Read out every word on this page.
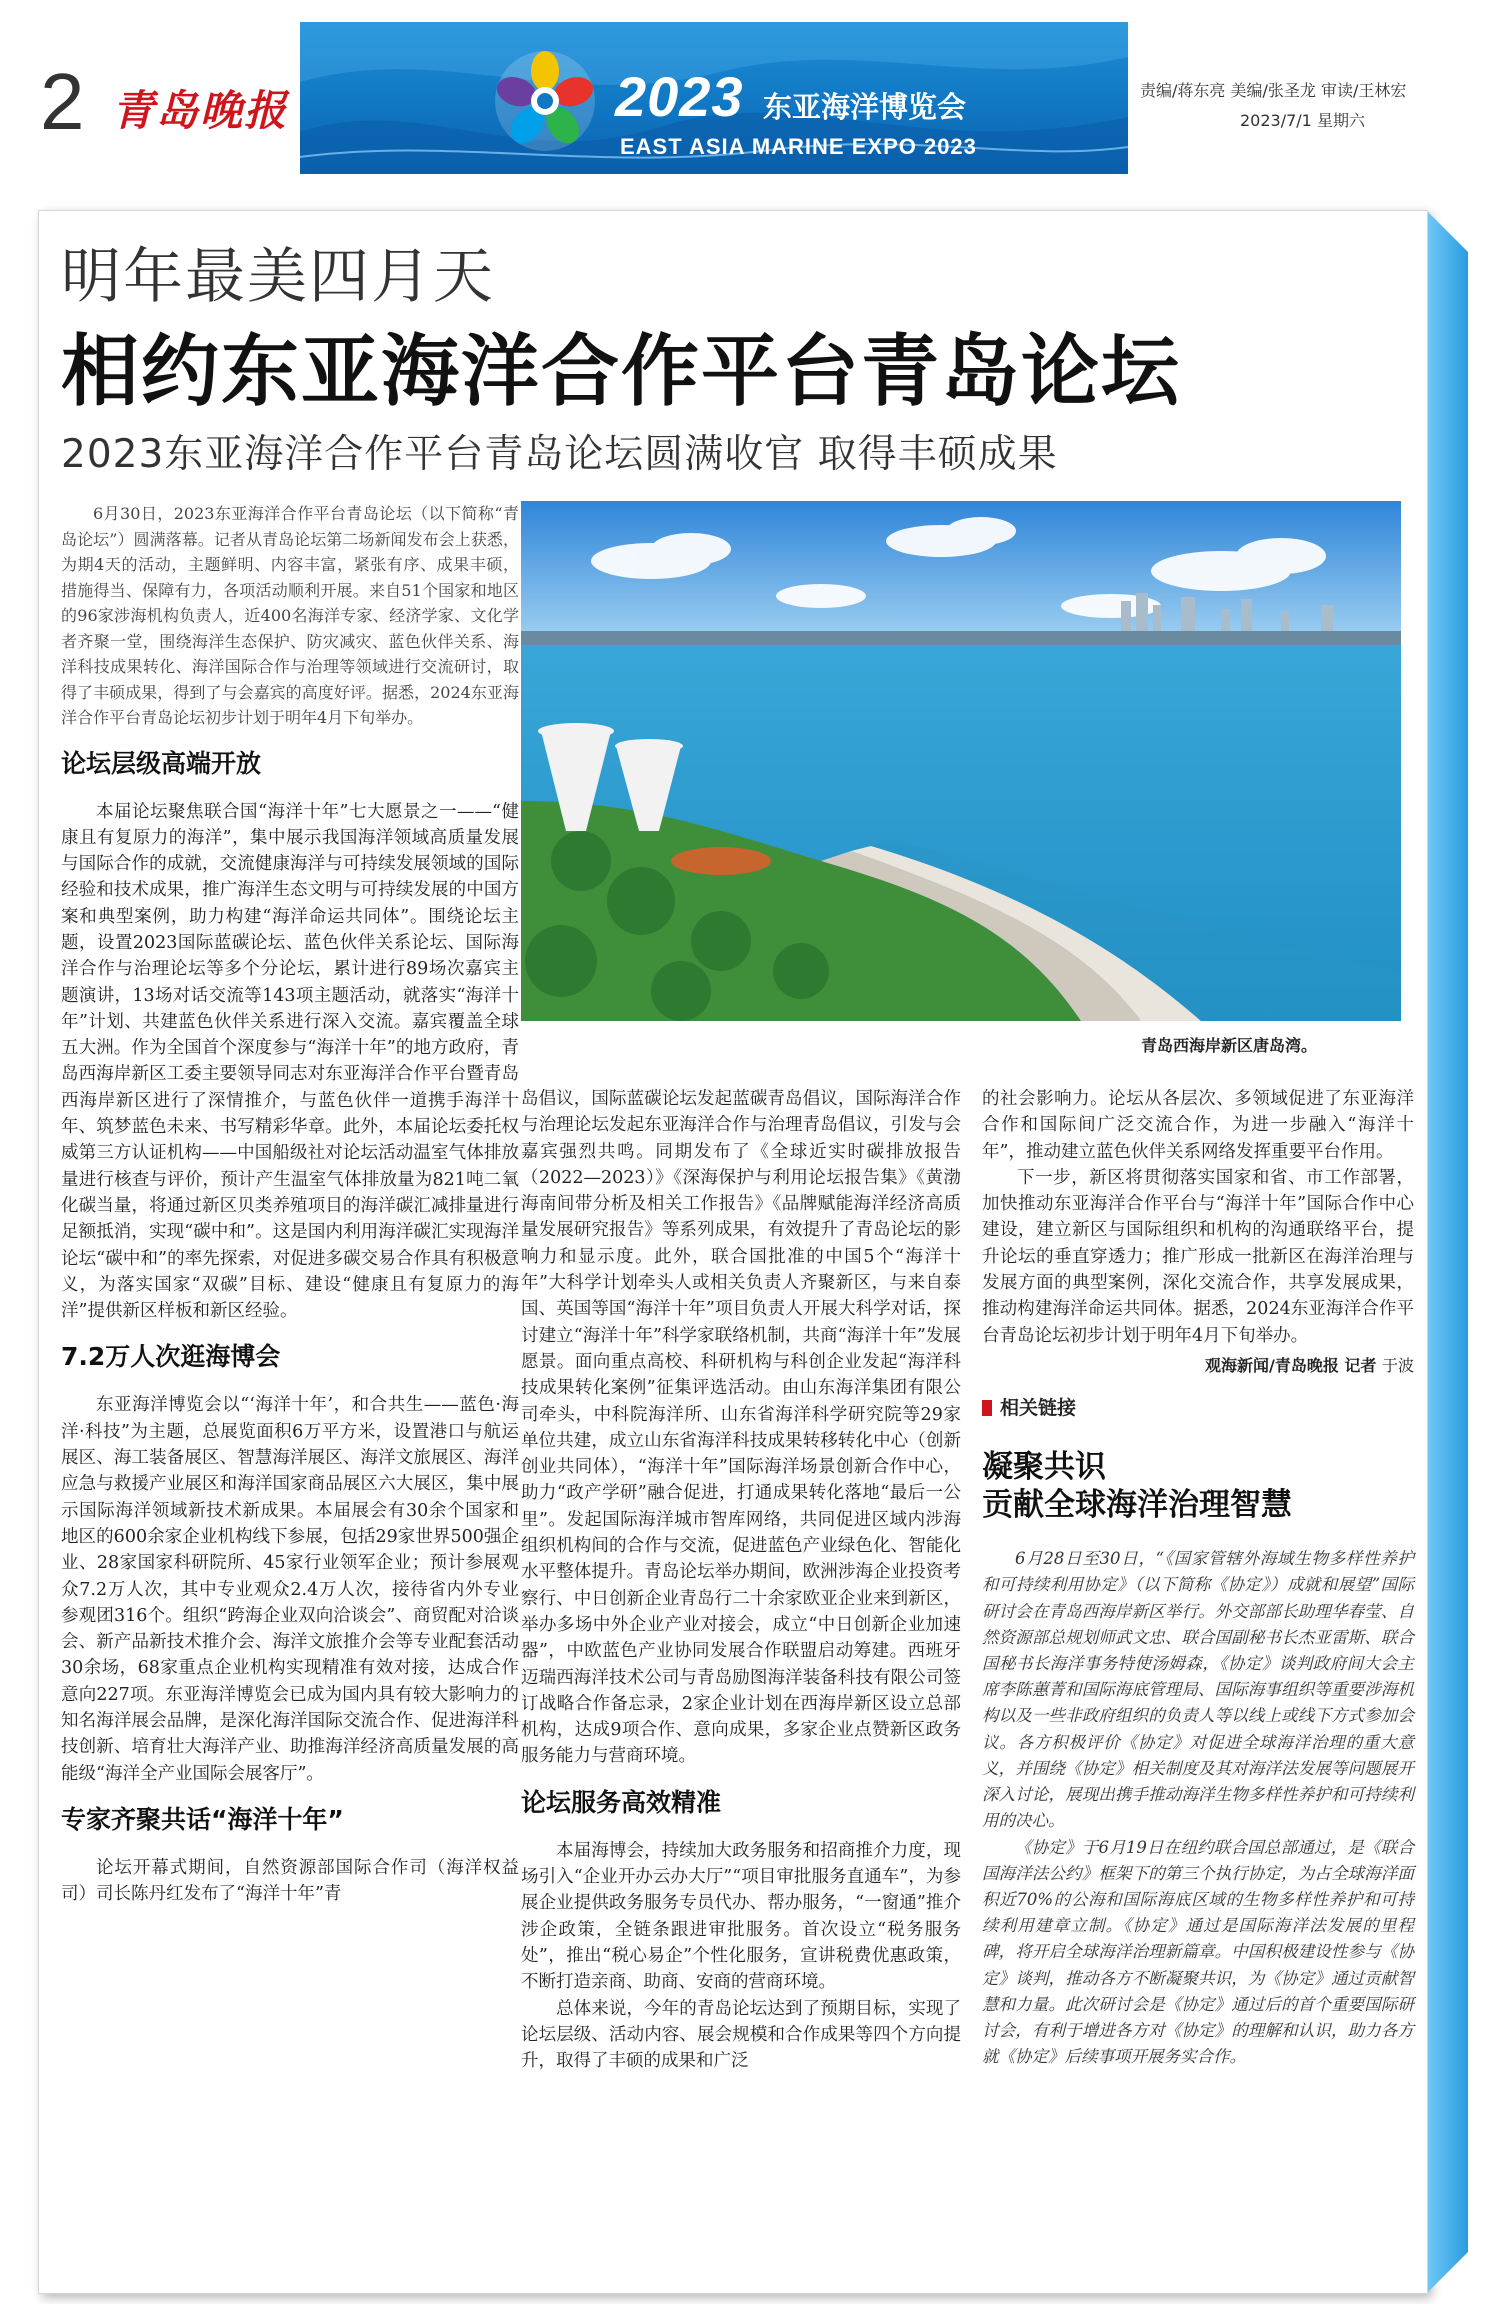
2 青岛晚报	2023 东亚海洋博览会
EAST ASIA MARINE EXPO 2023
责编/蒋东亮 美编/张圣龙 审读/王林宏
2023/7/1 星期六
明年最美四月天
相约东亚海洋合作平台青岛论坛
2023东亚海洋合作平台青岛论坛圆满收官 取得丰硕成果

6月30日，2023东亚海洋合作平台青岛论坛（以下简称“青岛论坛”）圆满落幕。记者从青岛论坛第二场新闻发布会上获悉，为期4天的活动，主题鲜明、内容丰富，紧张有序、成果丰硕，措施得当、保障有力，各项活动顺利开展。来自51个国家和地区的96家涉海机构负责人，近400名海洋专家、经济学家、文化学者齐聚一堂，围绕海洋生态保护、防灾减灾、蓝色伙伴关系、海洋科技成果转化、海洋国际合作与治理等领域进行交流研讨，取得了丰硕成果，得到了与会嘉宾的高度好评。据悉，2024东亚海洋合作平台青岛论坛初步计划于明年4月下旬举办。

论坛层级高端开放

本届论坛聚焦联合国“海洋十年”七大愿景之一——“健康且有复原力的海洋”，集中展示我国海洋领域高质量发展与国际合作的成就，交流健康海洋与可持续发展领域的国际经验和技术成果，推广海洋生态文明与可持续发展的中国方案和典型案例，助力构建“海洋命运共同体”。围绕论坛主题，设置2023国际蓝碳论坛、蓝色伙伴关系论坛、国际海洋合作与治理论坛等多个分论坛，累计进行89场次嘉宾主题演讲，13场对话交流等143项主题活动，就落实“海洋十年”计划、共建蓝色伙伴关系进行深入交流。嘉宾覆盖全球五大洲。作为全国首个深度参与“海洋十年”的地方政府，青岛西海岸新区工委主要领导同志对东亚海洋合作平台暨青岛西海岸新区进行了深情推介，与蓝色伙伴一道携手海洋十年、筑梦蓝色未来、书写精彩华章。此外，本届论坛委托权威第三方认证机构——中国船级社对论坛活动温室气体排放量进行核查与评价，预计产生温室气体排放量为821吨二氧化碳当量，将通过新区贝类养殖项目的海洋碳汇减排量进行足额抵消，实现“碳中和”。这是国内利用海洋碳汇实现海洋论坛“碳中和”的率先探索，对促进多碳交易合作具有积极意义，为落实国家“双碳”目标、建设“健康且有复原力的海洋”提供新区样板和新区经验。

7.2万人次逛海博会

东亚海洋博览会以“‘海洋十年’，和合共生——蓝色·海洋·科技”为主题，总展览面积6万平方米，设置港口与航运展区、海工装备展区、智慧海洋展区、海洋文旅展区、海洋应急与救援产业展区和海洋国家商品展区六大展区，集中展示国际海洋领域新技术新成果。本届展会有30余个国家和地区的600余家企业机构线下参展，包括29家世界500强企业、28家国家科研院所、45家行业领军企业；预计参展观众7.2万人次，其中专业观众2.4万人次，接待省内外专业参观团316个。组织“跨海企业双向洽谈会”、商贸配对洽谈会、新产品新技术推介会、海洋文旅推介会等专业配套活动30余场，68家重点企业机构实现精准有效对接，达成合作意向227项。东亚海洋博览会已成为国内具有较大影响力的知名海洋展会品牌，是深化海洋国际交流合作、促进海洋科技创新、培育壮大海洋产业、助推海洋经济高质量发展的高能级“海洋全产业国际会展客厅”。

专家齐聚共话“海洋十年”

论坛开幕式期间，自然资源部国际合作司（海洋权益司）司长陈丹红发布了“海洋十年”青

青岛西海岸新区唐岛湾。

岛倡议，国际蓝碳论坛发起蓝碳青岛倡议，国际海洋合作与治理论坛发起东亚海洋合作与治理青岛倡议，引发与会嘉宾强烈共鸣。同期发布了《全球近实时碳排放报告（2022—2023）》《深海保护与利用论坛报告集》《黄渤海南间带分析及相关工作报告》《品牌赋能海洋经济高质量发展研究报告》等系列成果，有效提升了青岛论坛的影响力和显示度。此外，联合国批准的中国5个“海洋十年”大科学计划牵头人或相关负责人齐聚新区，与来自泰国、英国等国“海洋十年”项目负责人开展大科学对话，探讨建立“海洋十年”科学家联络机制，共商“海洋十年”发展愿景。面向重点高校、科研机构与科创企业发起“海洋科技成果转化案例”征集评选活动。由山东海洋集团有限公司牵头，中科院海洋所、山东省海洋科学研究院等29家单位共建，成立山东省海洋科技成果转移转化中心（创新创业共同体），“海洋十年”国际海洋场景创新合作中心，助力“政产学研”融合促进，打通成果转化落地“最后一公里”。发起国际海洋城市智库网络，共同促进区域内涉海组织机构间的合作与交流，促进蓝色产业绿色化、智能化水平整体提升。青岛论坛举办期间，欧洲涉海企业投资考察行、中日创新企业青岛行二十余家欧亚企业来到新区，举办多场中外企业产业对接会，成立“中日创新企业加速器”，中欧蓝色产业协同发展合作联盟启动筹建。西班牙迈瑞西海洋技术公司与青岛励图海洋装备科技有限公司签订战略合作备忘录，2家企业计划在西海岸新区设立总部机构，达成9项合作、意向成果，多家企业点赞新区政务服务能力与营商环境。

论坛服务高效精准

本届海博会，持续加大政务服务和招商推介力度，现场引入“企业开办云办大厅”“项目审批服务直通车”，为参展企业提供政务服务专员代办、帮办服务，“一窗通”推介涉企政策，全链条跟进审批服务。首次设立“税务服务处”，推出“税心易企”个性化服务，宣讲税费优惠政策，不断打造亲商、助商、安商的营商环境。

总体来说，今年的青岛论坛达到了预期目标，实现了论坛层级、活动内容、展会规模和合作成果等四个方向提升，取得了丰硕的成果和广泛

的社会影响力。论坛从各层次、多领域促进了东亚海洋合作和国际间广泛交流合作，为进一步融入“海洋十年”，推动建立蓝色伙伴关系网络发挥重要平台作用。

下一步，新区将贯彻落实国家和省、市工作部署，加快推动东亚海洋合作平台与“海洋十年”国际合作中心建设，建立新区与国际组织和机构的沟通联络平台，提升论坛的垂直穿透力；推广形成一批新区在海洋治理与发展方面的典型案例，深化交流合作，共享发展成果，推动构建海洋命运共同体。据悉，2024东亚海洋合作平台青岛论坛初步计划于明年4月下旬举办。

观海新闻/青岛晚报 记者 于波

相关链接
凝聚共识
贡献全球海洋治理智慧

6月28日至30日，“《国家管辖外海域生物多样性养护和可持续利用协定》（以下简称《协定》）成就和展望”国际研讨会在青岛西海岸新区举行。外交部部长助理华春莹、自然资源部总规划师武文忠、联合国副秘书长杰亚雷斯、联合国秘书长海洋事务特使汤姆森，《协定》谈判政府间大会主席李陈蕙菁和国际海底管理局、国际海事组织等重要涉海机构以及一些非政府组织的负责人等以线上或线下方式参加会议。各方积极评价《协定》对促进全球海洋治理的重大意义，并围绕《协定》相关制度及其对海洋法发展等问题展开深入讨论，展现出携手推动海洋生物多样性养护和可持续利用的决心。

《协定》于6月19日在纽约联合国总部通过，是《联合国海洋法公约》框架下的第三个执行协定，为占全球海洋面积近70%的公海和国际海底区域的生物多样性养护和可持续利用建章立制。《协定》通过是国际海洋法发展的里程碑，将开启全球海洋治理新篇章。中国积极建设性参与《协定》谈判，推动各方不断凝聚共识，为《协定》通过贡献智慧和力量。此次研讨会是《协定》通过后的首个重要国际研讨会，有利于增进各方对《协定》的理解和认识，助力各方就《协定》后续事项开展务实合作。
